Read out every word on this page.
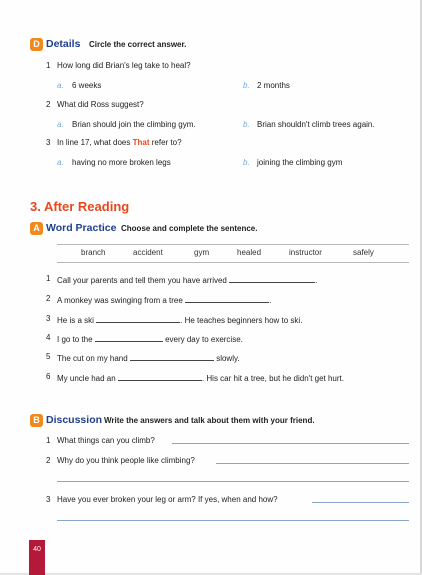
D Details Circle the correct answer.
1 How long did Brian's leg take to heal?
a. 6 weeks	b. 2 months
2 What did Ross suggest?
a. Brian should join the climbing gym.	b. Brian shouldn't climb trees again.
3 In line 17, what does That refer to?
a. having no more broken legs	b. joining the climbing gym
3. After Reading
A Word Practice Choose and complete the sentence.
branch	accident	gym	healed	instructor	safely
1 Call your parents and tell them you have arrived	.
2 A monkey was swinging from a tree	.
3 He is a ski	. He teaches beginners how to ski.
4 I go to the	every day to exercise.
5 The cut on my hand	slowly.
6 My uncle had an	. His car hit a tree, but he didn't get hurt.
B Discussion Write the answers and talk about them with your friend.
1 What things can you climb?
2 Why do you think people like climbing?
3 Have you ever broken your leg or arm? If yes, when and how?
40
